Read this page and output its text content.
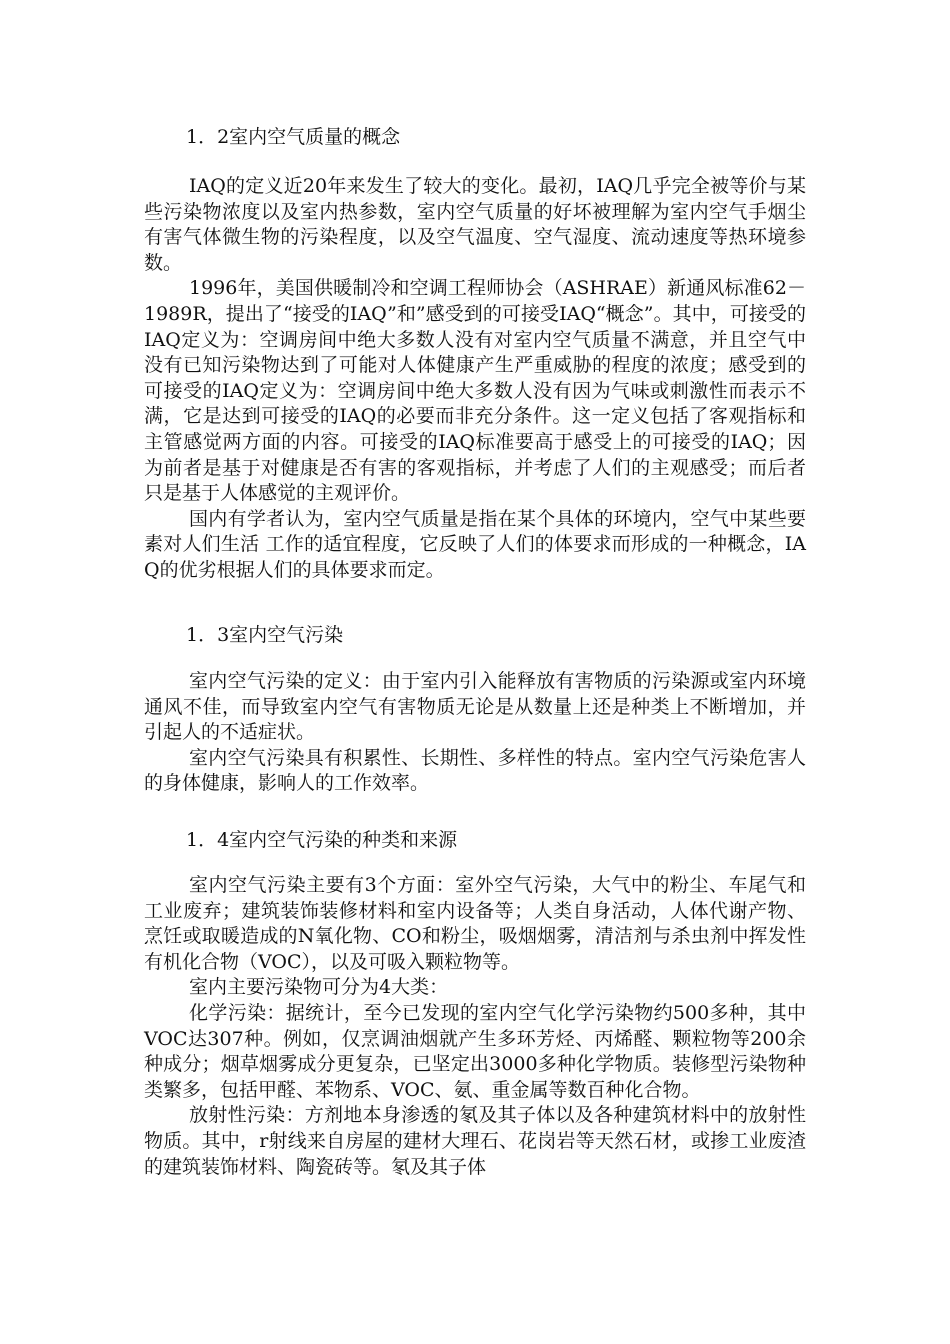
1．2室内空气质量的概念

IAQ的定义近20年来发生了较大的变化。最初，IAQ几乎完全被等价与某些污染物浓度以及室内热参数，室内空气质量的好坏被理解为室内空气手烟尘有害气体微生物的污染程度，以及空气温度、空气湿度、流动速度等热环境参数。

1996年，美国供暖制冷和空调工程师协会（ASHRAE）新通风标准62－1989R，提出了“接受的IAQ”和”感受到的可接受IAQ“概念”。其中，可接受的IAQ定义为：空调房间中绝大多数人没有对室内空气质量不满意，并且空气中没有已知污染物达到了可能对人体健康产生严重威胁的程度的浓度；感受到的可接受的IAQ定义为：空调房间中绝大多数人没有因为气味或刺激性而表示不满，它是达到可接受的IAQ的必要而非充分条件。这一定义包括了客观指标和主管感觉两方面的内容。可接受的IAQ标准要高于感受上的可接受的IAQ；因为前者是基于对健康是否有害的客观指标，并考虑了人们的主观感受；而后者只是基于人体感觉的主观评价。

国内有学者认为，室内空气质量是指在某个具体的环境内，空气中某些要素对人们生活 工作的适宜程度，它反映了人们的体要求而形成的一种概念，IAQ的优劣根据人们的具体要求而定。

1．3室内空气污染

室内空气污染的定义：由于室内引入能释放有害物质的污染源或室内环境通风不佳，而导致室内空气有害物质无论是从数量上还是种类上不断增加，并引起人的不适症状。

室内空气污染具有积累性、长期性、多样性的特点。室内空气污染危害人的身体健康，影响人的工作效率。

1．4室内空气污染的种类和来源

室内空气污染主要有3个方面：室外空气污染，大气中的粉尘、车尾气和工业废弃；建筑装饰装修材料和室内设备等；人类自身活动，人体代谢产物、烹饪或取暖造成的N氧化物、CO和粉尘，吸烟烟雾，清洁剂与杀虫剂中挥发性有机化合物（VOC），以及可吸入颗粒物等。

室内主要污染物可分为4大类：

化学污染：据统计，至今已发现的室内空气化学污染物约500多种，其中VOC达307种。例如，仅烹调油烟就产生多环芳烃、丙烯醛、颗粒物等200余种成分；烟草烟雾成分更复杂，已坚定出3000多种化学物质。装修型污染物种类繁多，包括甲醛、苯物系、VOC、氨、重金属等数百种化合物。

放射性污染：方剂地本身渗透的氡及其子体以及各种建筑材料中的放射性物质。其中，r射线来自房屋的建材大理石、花岗岩等天然石材，或掺工业废渣的建筑装饰材料、陶瓷砖等。氡及其子体
